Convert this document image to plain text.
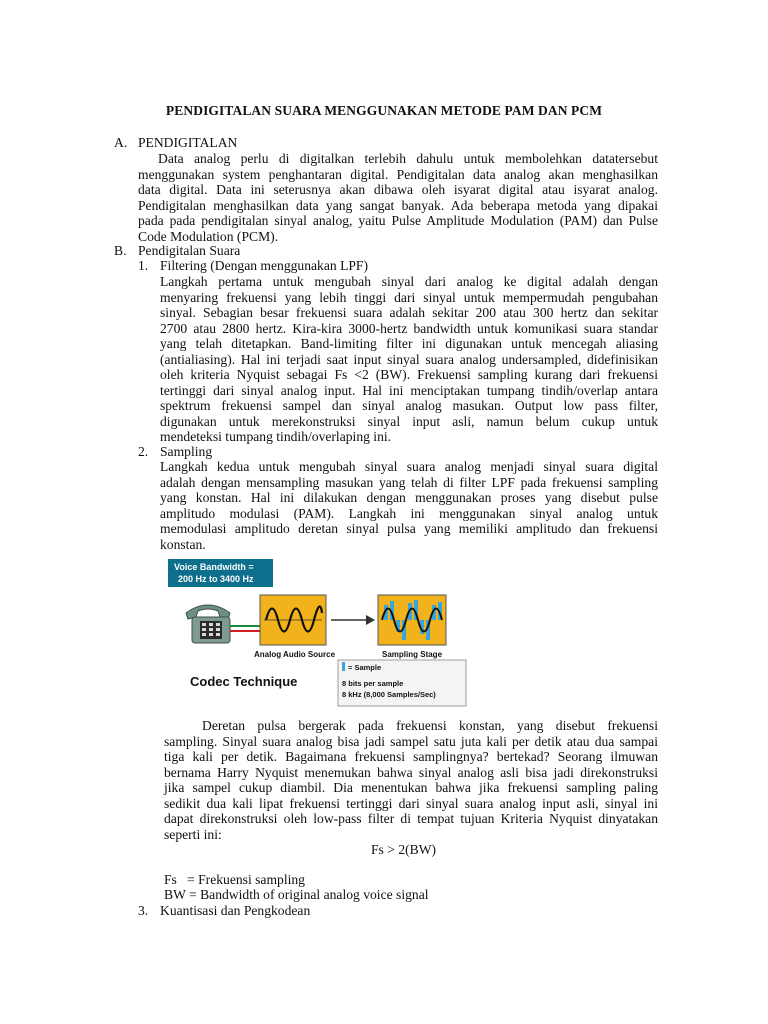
PENDIGITALAN SUARA MENGGUNAKAN METODE PAM DAN PCM
A. PENDIGITALAN

Data analog perlu di digitalkan terlebih dahulu untuk membolehkan datatersebut

menggunakan system penghantaran digital. Pendigitalan data analog akan menghasilkan

data digital. Data ini seterusnya akan dibawa oleh isyarat digital atau isyarat analog.

Pendigitalan menghasilkan data yang sangat banyak. Ada beberapa metoda yang dipakai

pada pada pendigitalan sinyal analog, yaitu Pulse Amplitude Modulation (PAM) dan Pulse

Code Modulation (PCM).

B. Pendigitalan Suara
1. Filtering (Dengan menggunakan LPF)

Langkah pertama untuk mengubah sinyal dari analog ke digital adalah dengan

menyaring frekuensi yang lebih tinggi dari sinyal untuk mempermudah pengubahan

sinyal. Sebagian besar frekuensi suara adalah sekitar 200 atau 300 hertz dan sekitar

2700 atau 2800 hertz. Kira-kira 3000-hertz bandwidth untuk komunikasi suara standar

yang telah ditetapkan. Band-limiting filter ini digunakan untuk mencegah aliasing

(antialiasing). Hal ini terjadi saat input sinyal suara analog undersampled, didefinisikan

oleh kriteria Nyquist sebagai Fs <2 (BW). Frekuensi sampling kurang dari frekuensi

tertinggi dari sinyal analog input. Hal ini menciptakan tumpang tindih/overlap antara

spektrum frekuensi sampel dan sinyal analog masukan. Output low pass filter,

digunakan untuk merekonstruksi sinyal input asli, namun belum cukup untuk

mendeteksi tumpang tindih/overlaping ini.

2. Sampling

Langkah kedua untuk mengubah sinyal suara analog menjadi sinyal suara digital

adalah dengan mensampling masukan yang telah di filter LPF pada frekuensi sampling

yang konstan. Hal ini dilakukan dengan menggunakan proses yang disebut pulse

amplitudo modulasi (PAM). Langkah ini menggunakan sinyal analog untuk

memodulasi amplitudo deretan sinyal pulsa yang memiliki amplitudo dan frekuensi

konstan.

Voice Bandwidth =
200 Hz to 3400 Hz
Analog Audio Source	Sampling Stage
Codec Technique
= Sample
8 bits per sample
8 kHz (8,000 Samples/Sec)

Deretan pulsa bergerak pada frekuensi konstan, yang disebut frekuensi

sampling. Sinyal suara analog bisa jadi sampel satu juta kali per detik atau dua sampai

tiga kali per detik. Bagaimana frekuensi samplingnya? bertekad? Seorang ilmuwan

bernama Harry Nyquist menemukan bahwa sinyal analog asli bisa jadi direkonstruksi

jika sampel cukup diambil. Dia menentukan bahwa jika frekuensi sampling paling

sedikit dua kali lipat frekuensi tertinggi dari sinyal suara analog input asli, sinyal ini

dapat direkonstruksi oleh low-pass filter di tempat tujuan Kriteria Nyquist dinyatakan

seperti ini:

Fs > 2(BW)
Fs   = Frekuensi sampling
BW = Bandwidth of original analog voice signal
3. Kuantisasi dan Pengkodean
